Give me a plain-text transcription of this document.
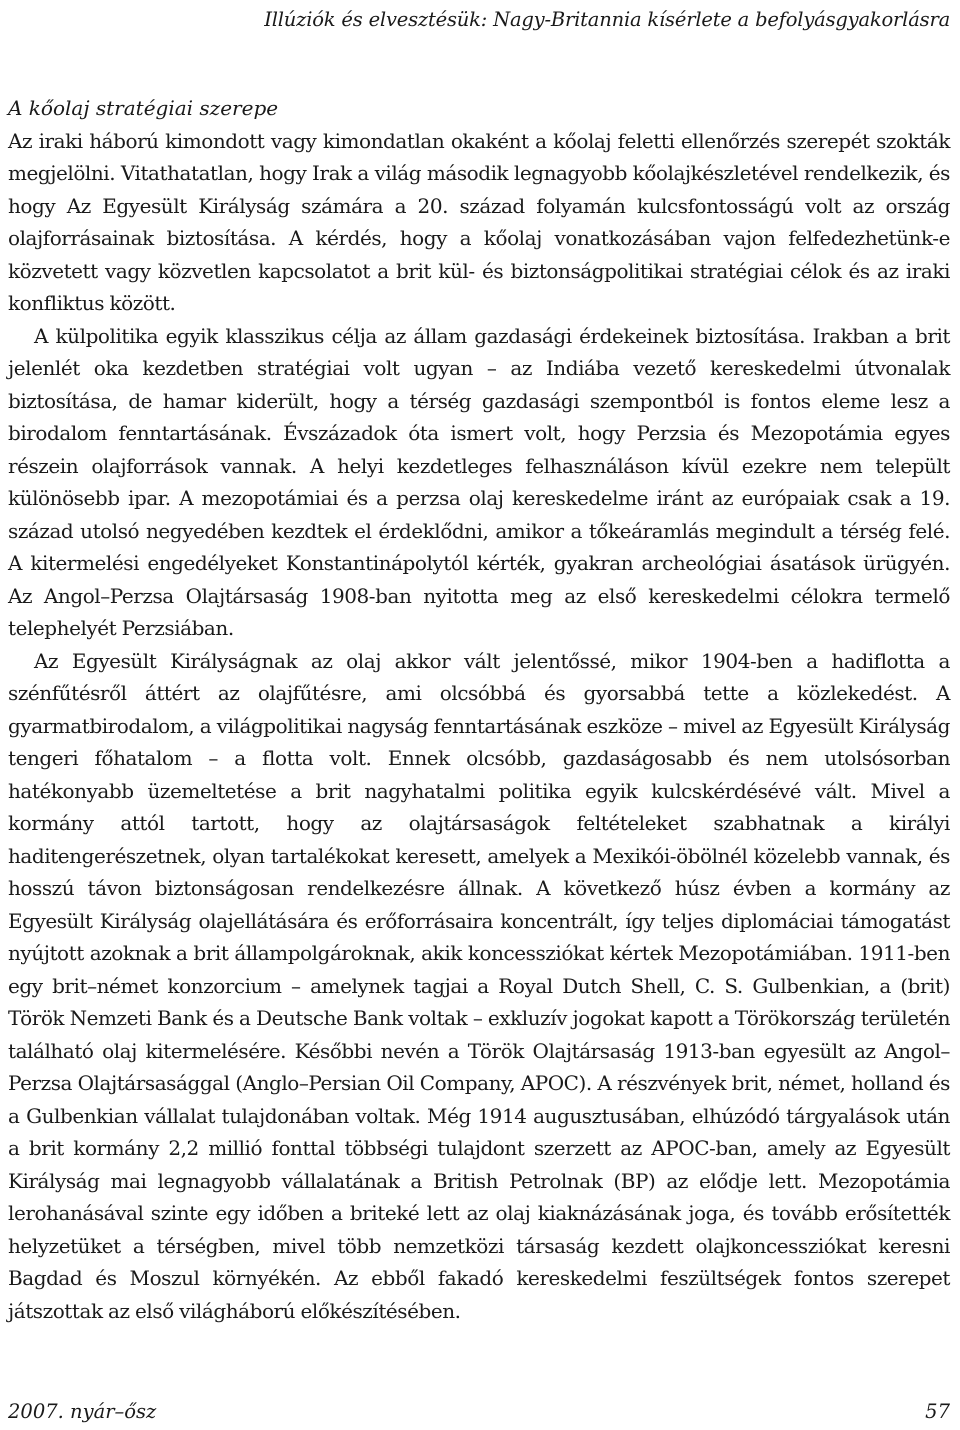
Illúziók és elvesztésük: Nagy-Britannia kísérlete a befolyásgyakorlásra
A kőolaj stratégiai szerepe

Az iraki háború kimondott vagy kimondatlan okaként a kőolaj feletti ellenőrzés szerepét szokták megjelölni. Vitathatatlan, hogy Irak a világ második legnagyobb kőolajkészletével rendelkezik, és hogy Az Egyesült Királyság számára a 20. század folyamán kulcsfontosságú volt az ország olajforrásainak biztosítása. A kérdés, hogy a kőolaj vonatkozásában vajon felfedezhetünk-e közvetett vagy közvetlen kapcsolatot a brit kül- és biztonságpolitikai stratégiai célok és az iraki konfliktus között.

A külpolitika egyik klasszikus célja az állam gazdasági érdekeinek biztosítása. Irakban a brit jelenlét oka kezdetben stratégiai volt ugyan – az Indiába vezető kereskedelmi útvonalak biztosítása, de hamar kiderült, hogy a térség gazdasági szempontból is fontos eleme lesz a birodalom fenntartásának. Évszázadok óta ismert volt, hogy Perzsia és Mezopotámia egyes részein olajforrások vannak. A helyi kezdetleges felhasználáson kívül ezekre nem települt különösebb ipar. A mezopotámiai és a perzsa olaj kereskedelme iránt az európaiak csak a 19. század utolsó negyedében kezdtek el érdeklődni, amikor a tőkeáramlás megindult a térség felé. A kitermelési engedélyeket Konstantinápolytól kérték, gyakran archeológiai ásatások ürügyén. Az Angol–Perzsa Olajtársaság 1908-ban nyitotta meg az első kereskedelmi célokra termelő telephelyét Perzsiában.

Az Egyesült Királyságnak az olaj akkor vált jelentőssé, mikor 1904-ben a hadiflotta a szénfűtésről áttért az olajfűtésre, ami olcsóbbá és gyorsabbá tette a közlekedést. A gyarmatbirodalom, a világpolitikai nagyság fenntartásának eszköze – mivel az Egyesült Királyság tengeri főhatalom – a flotta volt. Ennek olcsóbb, gazdaságosabb és nem utolsósorban hatékonyabb üzemeltetése a brit nagyhatalmi politika egyik kulcskérdésévé vált. Mivel a kormány attól tartott, hogy az olajtársaságok feltételeket szabhatnak a királyi haditengerészetnek, olyan tartalékokat keresett, amelyek a Mexikói-öbölnél közelebb vannak, és hosszú távon biztonságosan rendelkezésre állnak. A következő húsz évben a kormány az Egyesült Királyság olajellátására és erőforrásaira koncentrált, így teljes diplomáciai támogatást nyújtott azoknak a brit állampolgároknak, akik koncessziókat kértek Mezopotámiában. 1911-ben egy brit–német konzorcium – amelynek tagjai a Royal Dutch Shell, C. S. Gulbenkian, a (brit) Török Nemzeti Bank és a Deutsche Bank voltak – exkluzív jogokat kapott a Törökország területén található olaj kitermelésére. Későbbi nevén a Török Olajtársaság 1913-ban egyesült az Angol–Perzsa Olajtársasággal (Anglo–Persian Oil Company, APOC). A részvények brit, német, holland és a Gulbenkian vállalat tulajdonában voltak. Még 1914 augusztusában, elhúzódó tárgyalások után a brit kormány 2,2 millió fonttal többségi tulajdont szerzett az APOC-ban, amely az Egyesült Királyság mai legnagyobb vállalatának a British Petrolnak (BP) az elődje lett. Mezopotámia lerohanásával szinte egy időben a briteké lett az olaj kiaknázásának joga, és tovább erősítették helyzetüket a térségben, mivel több nemzetközi társaság kezdett olajkoncessziókat keresni Bagdad és Moszul környékén. Az ebből fakadó kereskedelmi feszültségek fontos szerepet játszottak az első világháború előkészítésében.

2007. nyár–ősz	57
